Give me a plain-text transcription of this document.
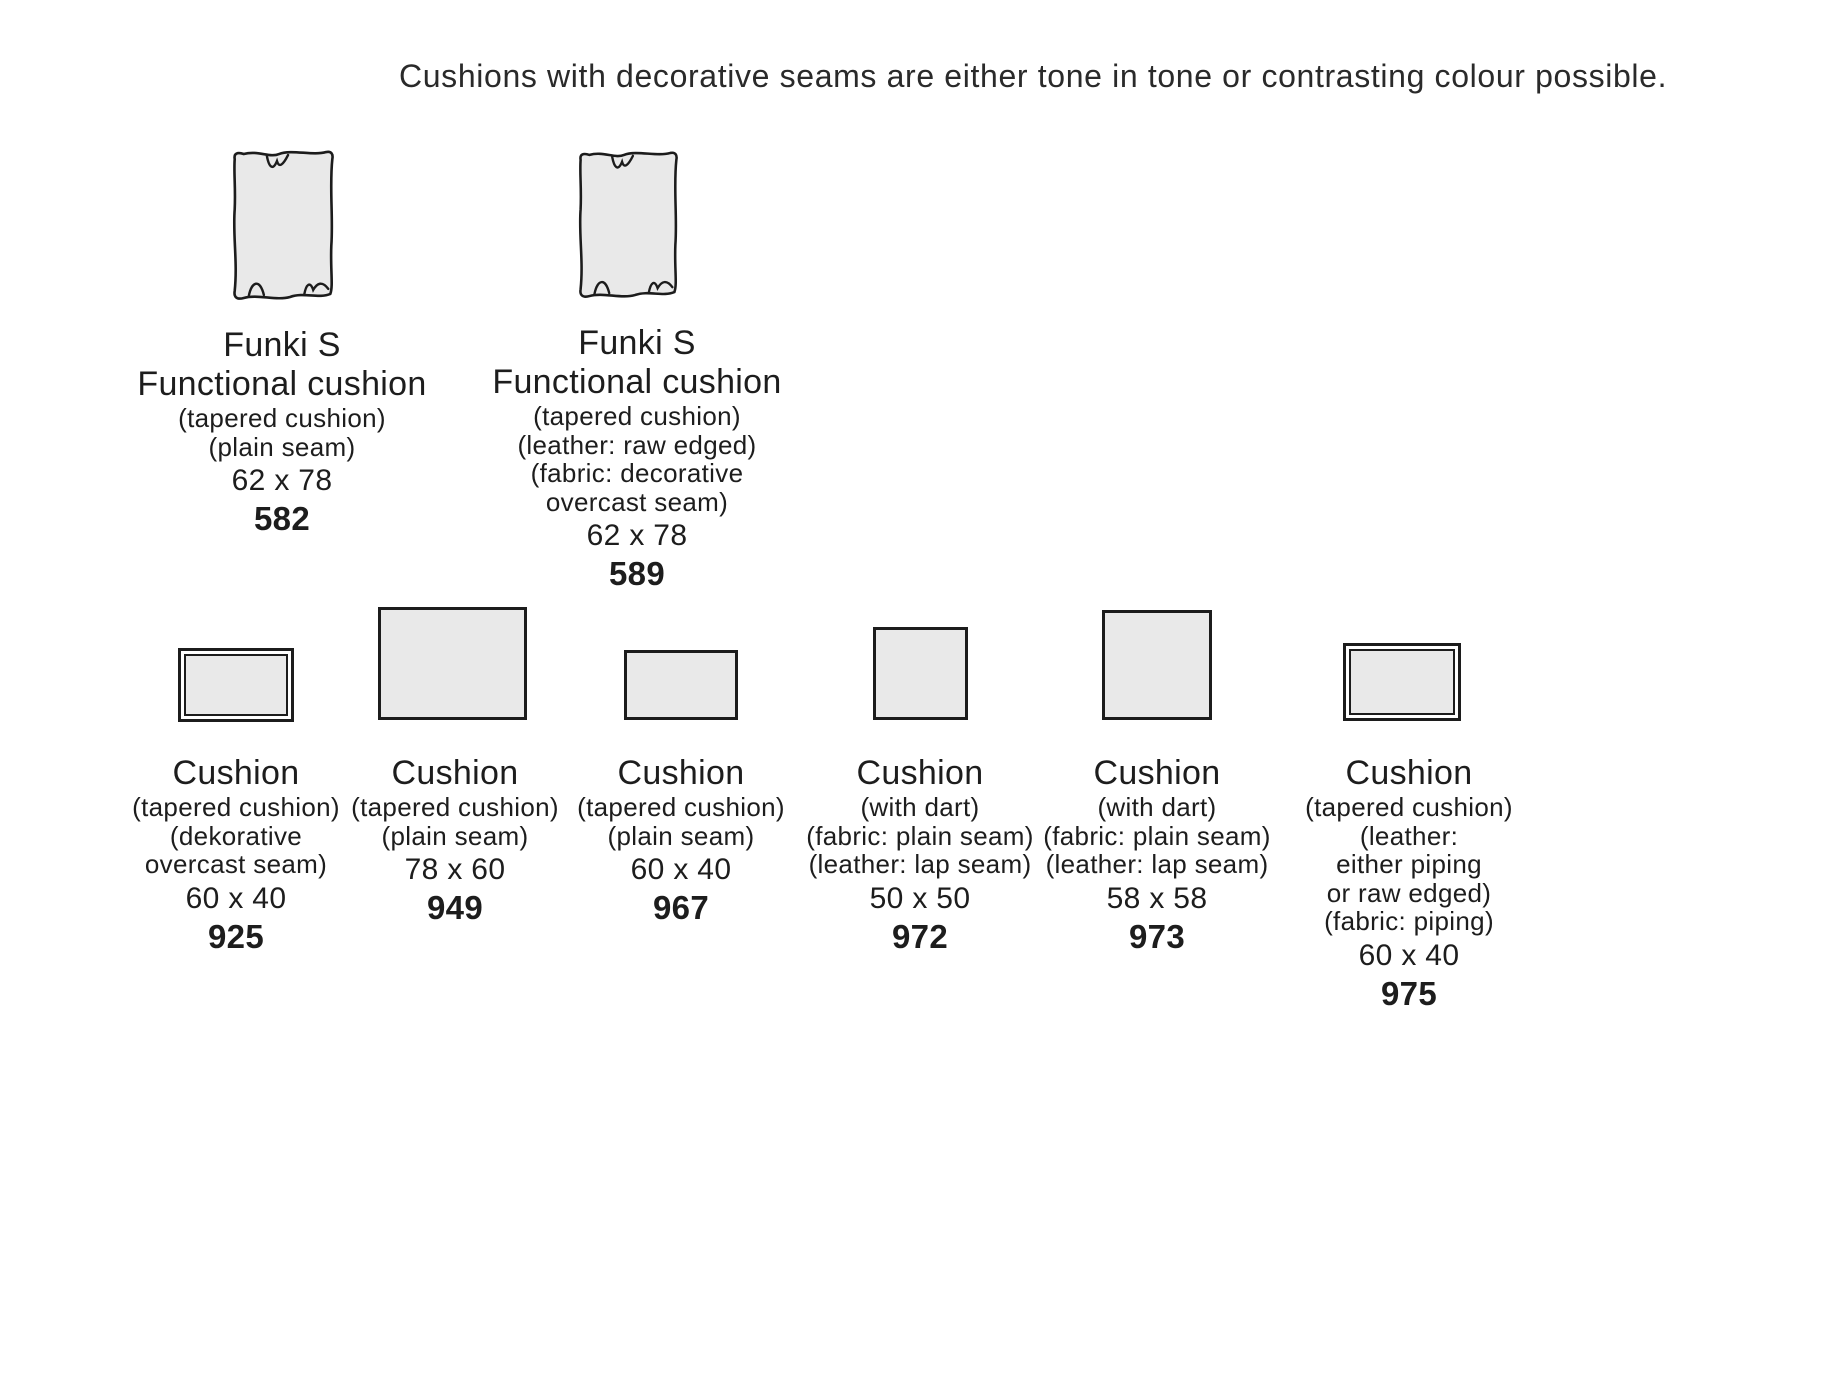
Cushions with decorative seams are either tone in tone or contrasting colour possible.
Funki S
Functional cushion
(tapered cushion)
(plain seam)
62 x 78
582
Funki S
Functional cushion
(tapered cushion)
(leather: raw edged)
(fabric: decorative
overcast seam)
62 x 78
589
Cushion
(tapered cushion)
(dekorative
overcast seam)
60 x 40
925
Cushion
(tapered cushion)
(plain seam)
78 x 60
949
Cushion
(tapered cushion)
(plain seam)
60 x 40
967
Cushion
(with dart)
(fabric: plain seam)
(leather: lap seam)
50 x 50
972
Cushion
(with dart)
(fabric: plain seam)
(leather: lap seam)
58 x 58
973
Cushion
(tapered cushion)
(leather:
either piping
or raw edged)
(fabric: piping)
60 x 40
975
